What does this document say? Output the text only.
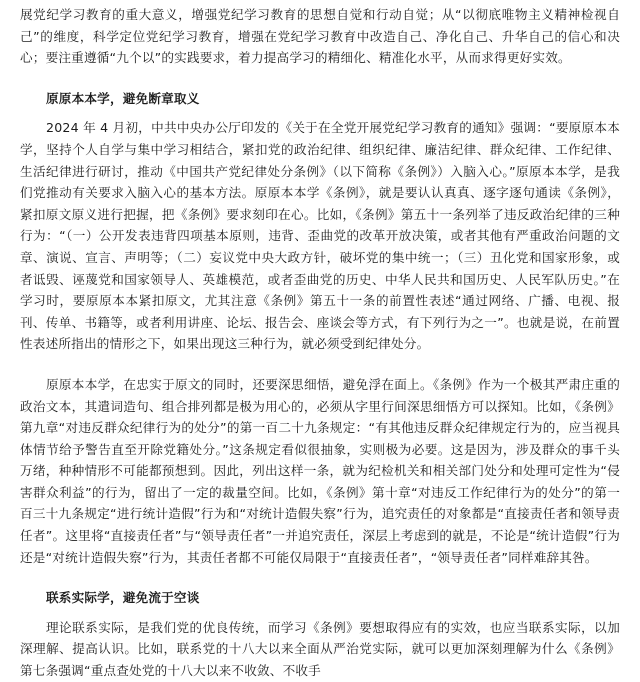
展党纪学习教育的重大意义，增强党纪学习教育的思想自觉和行动自觉；从“以彻底唯物主义精神检视自己”的维度，科学定位党纪学习教育，增强在党纪学习教育中改造自己、净化自己、升华自己的信心和决心；要注重遵循“九个以”的实践要求，着力提高学习的精细化、精准化水平，从而求得更好实效。

原原本本学，避免断章取义

2024 年 4 月初，中共中央办公厅印发的《关于在全党开展党纪学习教育的通知》强调：“要原原本本学，坚持个人自学与集中学习相结合，紧扣党的政治纪律、组织纪律、廉洁纪律、群众纪律、工作纪律、生活纪律进行研讨，推动《中国共产党纪律处分条例》（以下简称《条例》）入脑入心。”原原本本学，是我们党推动有关要求入脑入心的基本方法。原原本本学《条例》，就是要认认真真、逐字逐句通读《条例》，紧扣原文原义进行把握，把《条例》要求刻印在心。比如，《条例》第五十一条列举了违反政治纪律的三种行为：“（一）公开发表违背四项基本原则，违背、歪曲党的改革开放决策，或者其他有严重政治问题的文章、演说、宣言、声明等；（二）妄议党中央大政方针，破坏党的集中统一；（三）丑化党和国家形象，或者诋毁、诬蔑党和国家领导人、英雄模范，或者歪曲党的历史、中华人民共和国历史、人民军队历史。”在学习时，要原原本本紧扣原文，尤其注意《条例》第五十一条的前置性表述“通过网络、广播、电视、报刊、传单、书籍等，或者利用讲座、论坛、报告会、座谈会等方式，有下列行为之一”。也就是说，在前置性表述所指出的情形之下，如果出现这三种行为，就必须受到纪律处分。

原原本本学，在忠实于原文的同时，还要深思细悟，避免浮在面上。《条例》作为一个极其严肃庄重的政治文本，其遣词造句、组合排列都是极为用心的，必须从字里行间深思细悟方可以探知。比如，《条例》第九章“对违反群众纪律行为的处分”的第一百二十九条规定：“有其他违反群众纪律规定行为的，应当视具体情节给予警告直至开除党籍处分。”这条规定看似很抽象，实则极为必要。这是因为，涉及群众的事千头万绪，种种情形不可能都预想到。因此，列出这样一条，就为纪检机关和相关部门处分和处理可定性为“侵害群众利益”的行为，留出了一定的裁量空间。比如，《条例》第十章“对违反工作纪律行为的处分”的第一百三十九条规定“进行统计造假”行为和“对统计造假失察”行为，追究责任的对象都是“直接责任者和领导责任者”。这里将“直接责任者”与“领导责任者”一并追究责任，深层上考虑到的就是，不论是“统计造假”行为还是“对统计造假失察”行为，其责任者都不可能仅局限于“直接责任者”，“领导责任者”同样难辞其咎。

联系实际学，避免流于空谈

理论联系实际，是我们党的优良传统，而学习《条例》要想取得应有的实效，也应当联系实际，以加深理解、提高认识。比如，联系党的十八大以来全面从严治党实际，就可以更加深刻理解为什么《条例》第七条强调“重点查处党的十八大以来不收敛、不收手
